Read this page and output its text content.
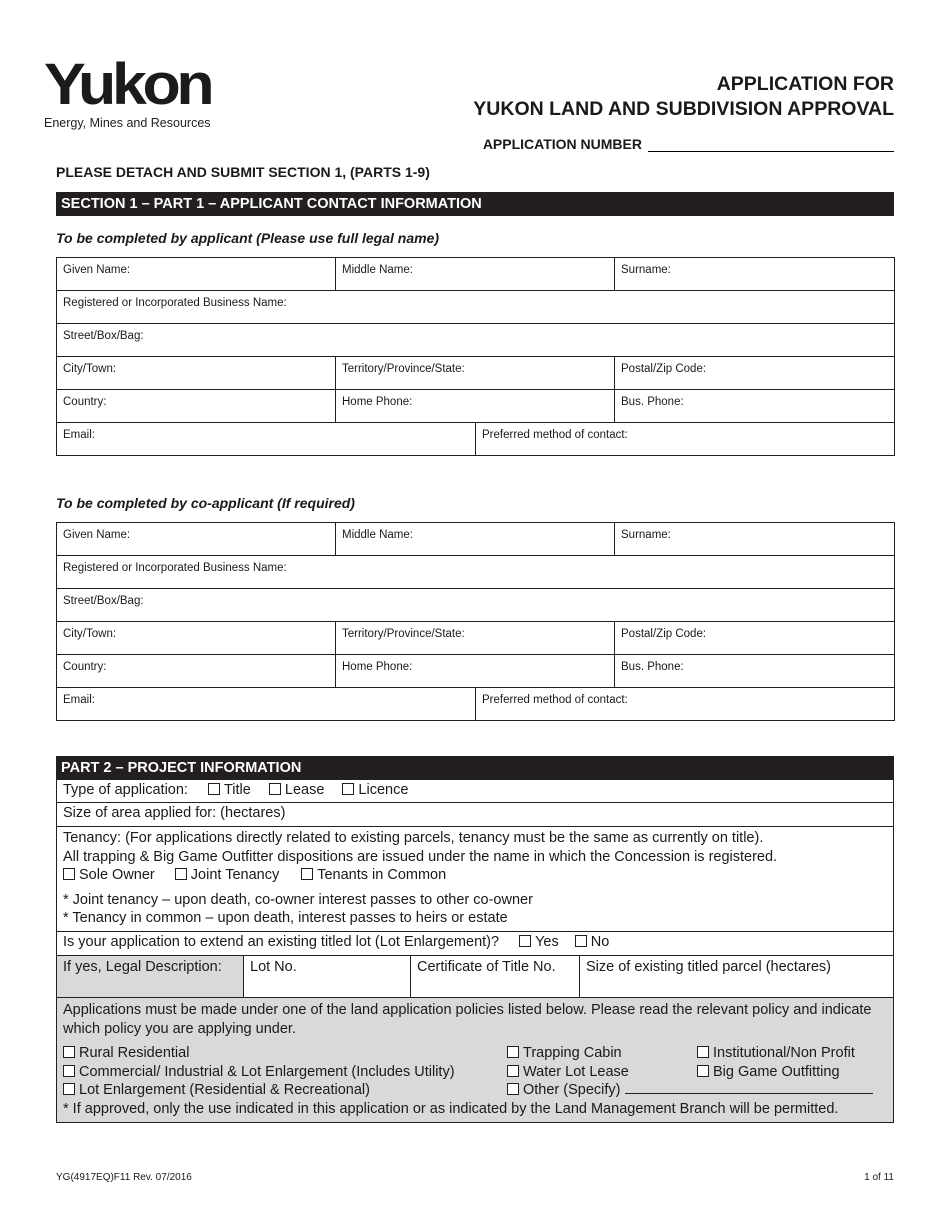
Yukon
Energy, Mines and Resources
APPLICATION FOR
YUKON LAND AND SUBDIVISION APPROVAL
APPLICATION NUMBER
PLEASE DETACH AND SUBMIT SECTION 1, (PARTS 1-9)
SECTION 1 – PART 1 – APPLICANT CONTACT INFORMATION
To be completed by applicant (Please use full legal name)
Given Name:	Middle Name:		Surname:
Registered or Incorporated Business Name:			
Street/Box/Bag:			
City/Town:	Territory/Province/State:		Postal/Zip Code:
Country:	Home Phone:		Bus. Phone:
Email:		Preferred method of contact:	
To be completed by co-applicant (If required)
Given Name:	Middle Name:		Surname:
Registered or Incorporated Business Name:			
Street/Box/Bag:			
City/Town:	Territory/Province/State:		Postal/Zip Code:
Country:	Home Phone:		Bus. Phone:
Email:		Preferred method of contact:	
PART 2 – PROJECT INFORMATION
Type of application: Title Lease Licence
Size of area applied for: (hectares)
Tenancy: (For applications directly related to existing parcels, tenancy must be the same as currently on title).
All trapping & Big Game Outfitter dispositions are issued under the name in which the Concession is registered.
Sole Owner Joint Tenancy	Tenants in Common
* Joint tenancy – upon death, co-owner interest passes to other co-owner
* Tenancy in common – upon death, interest passes to heirs or estate
Is your application to extend an existing titled lot (Lot Enlargement)? Yes No
If yes, Legal Description:	Lot No.	Certificate of Title No.	Size of existing titled parcel (hectares)
Applications must be made under one of the land application policies listed below. Please read the relevant policy and indicate which policy you are applying under.
Rural Residential	Trapping Cabin	Institutional/Non Profit
Commercial/ Industrial & Lot Enlargement (Includes Utility)	Water Lot Lease	Big Game Outfitting
Lot Enlargement (Residential & Recreational)	Other (Specify)
* If approved, only the use indicated in this application or as indicated by the Land Management Branch will be permitted.
YG(4917EQ)F11 Rev. 07/2016	1 of 11
